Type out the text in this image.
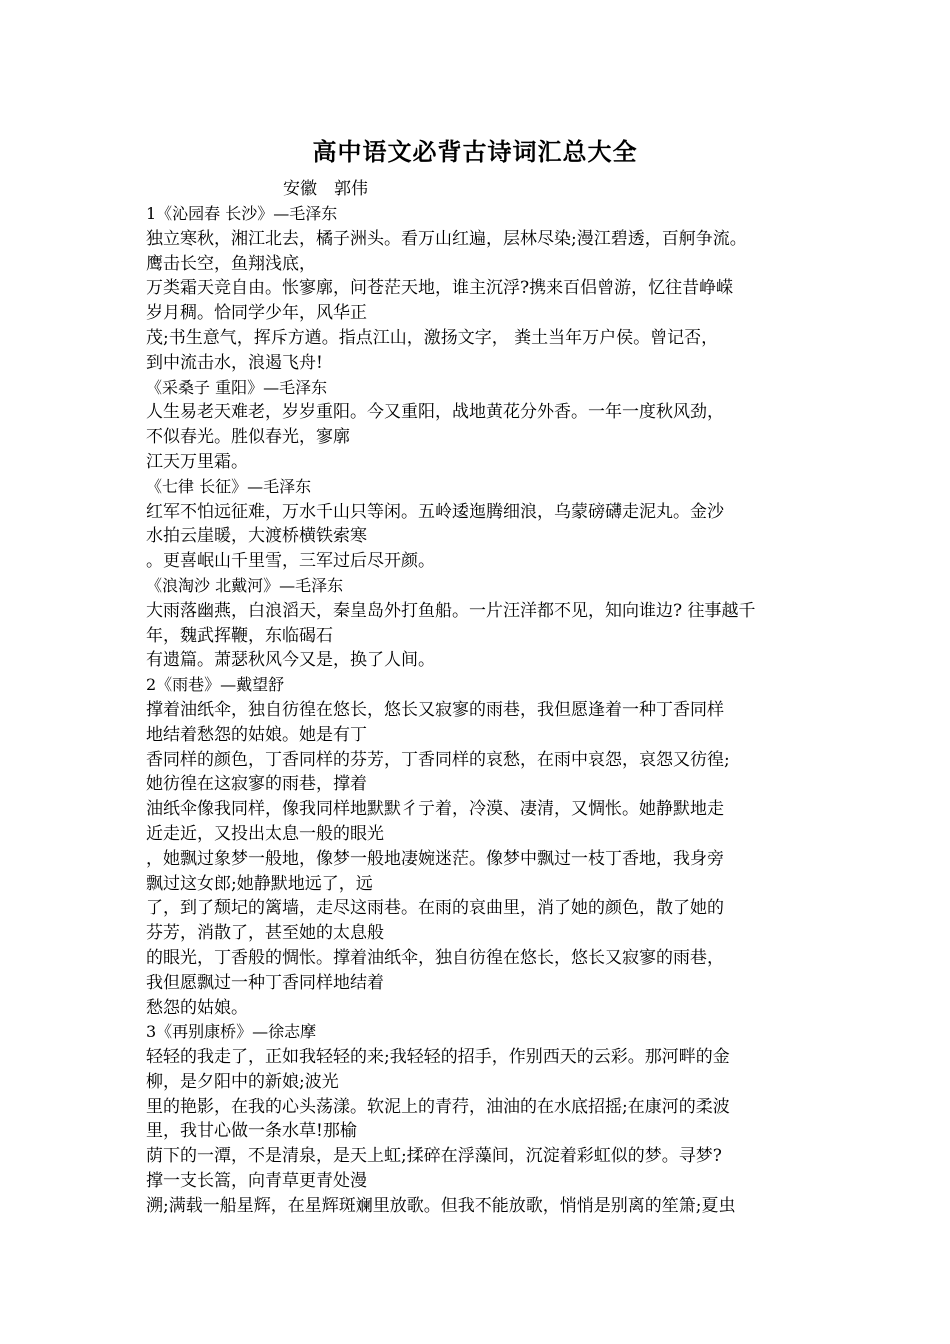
高中语文必背古诗词汇总大全
安徽　郭伟
1《沁园春 长沙》—毛泽东
独立寒秋，湘江北去，橘子洲头。看万山红遍，层林尽染;漫江碧透，百舸争流。
鹰击长空，鱼翔浅底，
万类霜天竞自由。怅寥廓，问苍茫天地，谁主沉浮?携来百侣曾游，忆往昔峥嵘
岁月稠。恰同学少年，风华正
茂;书生意气，挥斥方遒。指点江山，激扬文字， 粪土当年万户侯。曾记否，
到中流击水，浪遏飞舟!
《采桑子 重阳》—毛泽东
人生易老天难老，岁岁重阳。今又重阳，战地黄花分外香。一年一度秋风劲，
不似春光。胜似春光，寥廓
江天万里霜。
《七律 长征》—毛泽东
红军不怕远征难，万水千山只等闲。五岭逶迤腾细浪，乌蒙磅礴走泥丸。金沙
水拍云崖暖，大渡桥横铁索寒
。更喜岷山千里雪，三军过后尽开颜。
《浪淘沙 北戴河》—毛泽东
大雨落幽燕，白浪滔天，秦皇岛外打鱼船。一片汪洋都不见，知向谁边? 往事越千
年，魏武挥鞭，东临碣石
有遗篇。萧瑟秋风今又是，换了人间。
2《雨巷》—戴望舒
撑着油纸伞，独自彷徨在悠长，悠长又寂寥的雨巷，我但愿逢着一种丁香同样
地结着愁怨的姑娘。她是有丁
香同样的颜色，丁香同样的芬芳，丁香同样的哀愁，在雨中哀怨，哀怨又彷徨;
她彷徨在这寂寥的雨巷，撑着
油纸伞像我同样，像我同样地默默彳亍着，冷漠、凄清，又惆怅。她静默地走
近走近，又投出太息一般的眼光
，她飘过象梦一般地，像梦一般地凄婉迷茫。像梦中飘过一枝丁香地，我身旁
飘过这女郎;她静默地远了，远
了，到了颓圮的篱墙，走尽这雨巷。在雨的哀曲里，消了她的颜色，散了她的
芬芳，消散了，甚至她的太息般
的眼光，丁香般的惆怅。撑着油纸伞，独自彷徨在悠长，悠长又寂寥的雨巷，
我但愿飘过一种丁香同样地结着
愁怨的姑娘。
3《再别康桥》—徐志摩
轻轻的我走了，正如我轻轻的来;我轻轻的招手，作别西天的云彩。那河畔的金
柳，是夕阳中的新娘;波光
里的艳影，在我的心头荡漾。软泥上的青荇，油油的在水底招摇;在康河的柔波
里，我甘心做一条水草!那榆
荫下的一潭，不是清泉，是天上虹;揉碎在浮藻间，沉淀着彩虹似的梦。寻梦?
撑一支长篙，向青草更青处漫
溯;满载一船星辉，在星辉斑斓里放歌。但我不能放歌，悄悄是别离的笙箫;夏虫
